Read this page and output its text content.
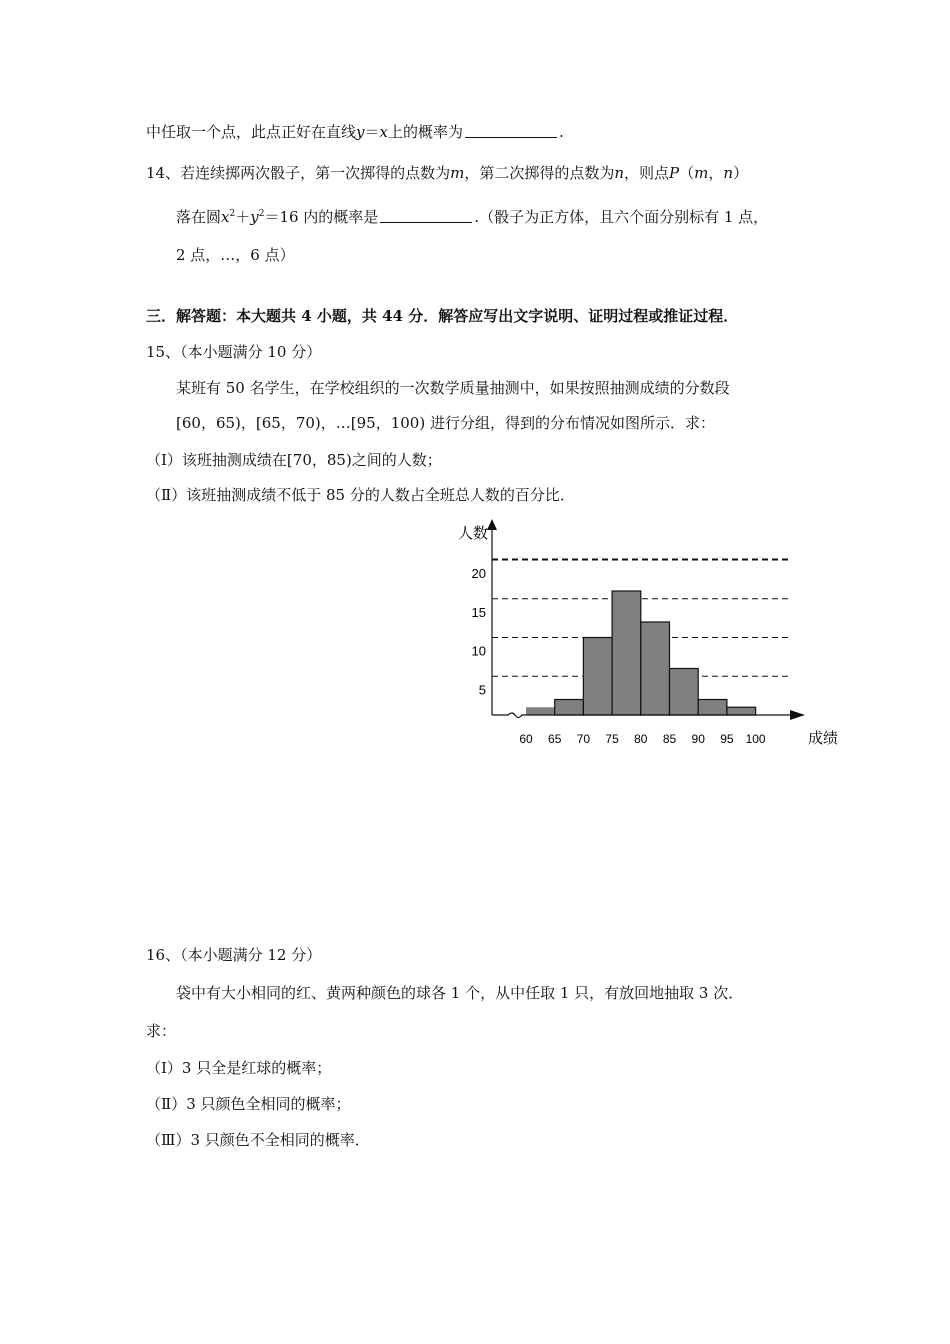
中任取一个点，此点正好在直线y＝x上的概率为	.
14、若连续掷两次骰子，第一次掷得的点数为m，第二次掷得的点数为n，则点P（m，n）
落在圆$x^2+y^2=16$ 内的概率是	.（骰子为正方体，且六个面分别标有 1 点，
2 点，…，6 点）
三．解答题：本大题共 4 小题，共 44 分．解答应写出文字说明、证明过程或推证过程．
15、（本小题满分 10 分）
某班有 50 名学生，在学校组织的一次数学质量抽测中，如果按照抽测成绩的分数段
[60，65)，[65，70)，…[95，100) 进行分组，得到的分布情况如图所示．求：
（Ⅰ）该班抽测成绩在[70，85)之间的人数；
（Ⅱ）该班抽测成绩不低于 85 分的人数占全班总人数的百分比．
人数
成绩
5
10
15
20
60 65 70 75 80 85 90 95 100
16、（本小题满分 12 分）
袋中有大小相同的红、黄两种颜色的球各 1 个，从中任取 1 只，有放回地抽取 3 次．
求：
（Ⅰ）3 只全是红球的概率；
（Ⅱ）3 只颜色全相同的概率；
（Ⅲ）3 只颜色不全相同的概率．
